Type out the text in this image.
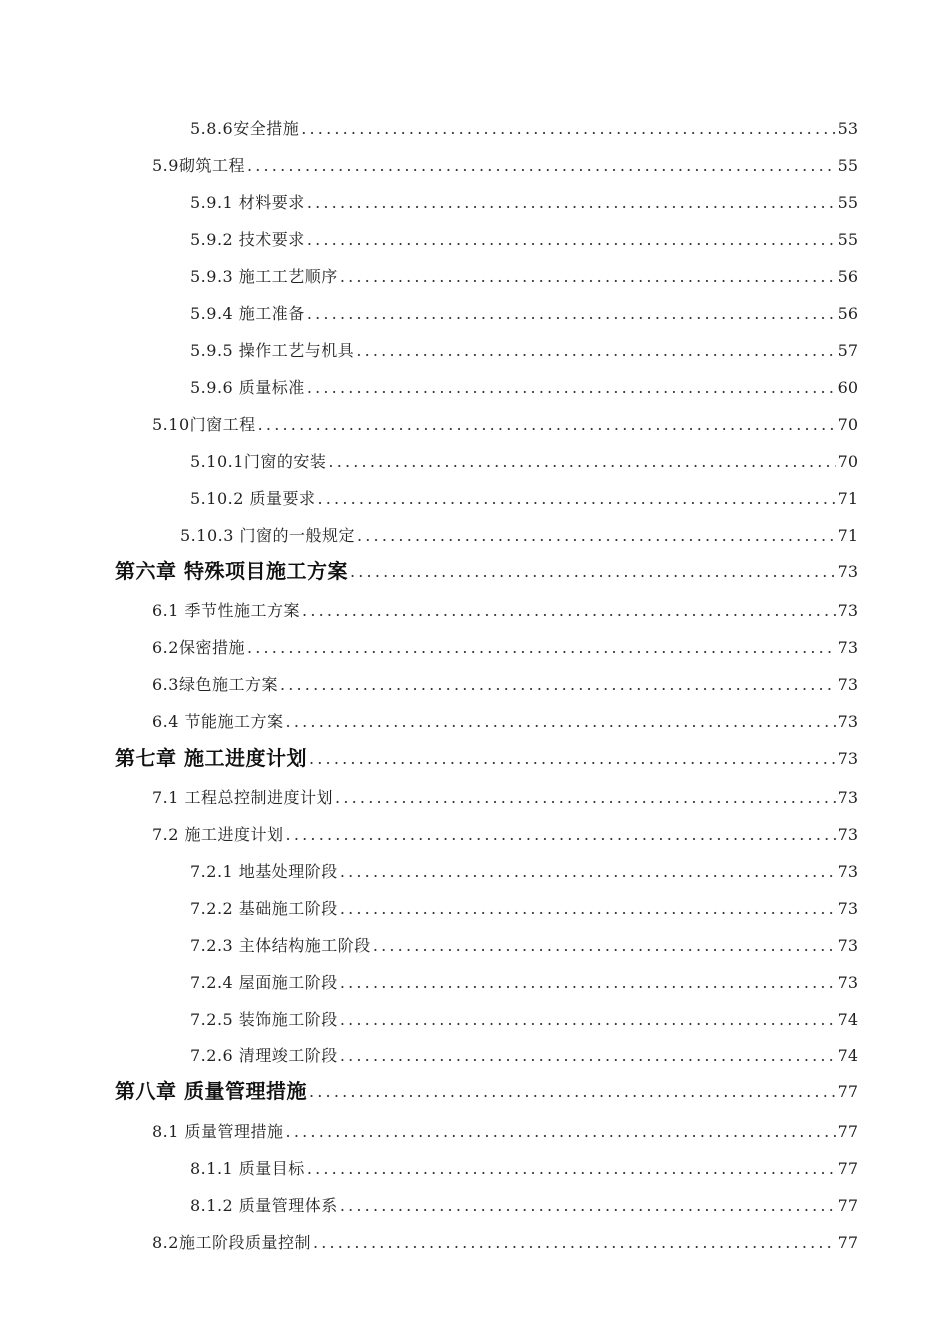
5.8.6安全措施 .....	53
5.9砌筑工程 .....	55
5.9.1 材料要求 .....	55
5.9.2 技术要求 .....	55
5.9.3 施工工艺顺序 .....	56
5.9.4 施工准备 .....	56
5.9.5 操作工艺与机具 .....	57
5.9.6 质量标准 .....	60
5.10门窗工程 .....	70
5.10.1门窗的安装 .....	70
5.10.2 质量要求 .....	71
5.10.3 门窗的一般规定 .....	71
第六章 特殊项目施工方案 .....	73
6.1 季节性施工方案 .....	73
6.2保密措施 .....	73
6.3绿色施工方案 .....	73
6.4 节能施工方案 .....	73
第七章 施工进度计划 .....	73
7.1 工程总控制进度计划 .....	73
7.2 施工进度计划 .....	73
7.2.1 地基处理阶段 .....	73
7.2.2 基础施工阶段 .....	73
7.2.3 主体结构施工阶段 .....	73
7.2.4 屋面施工阶段 .....	73
7.2.5 装饰施工阶段 .....	74
7.2.6 清理竣工阶段 .....	74
第八章 质量管理措施 .....	77
8.1 质量管理措施 .....	77
8.1.1 质量目标 .....	77
8.1.2 质量管理体系 .....	77
8.2施工阶段质量控制 .....	77
